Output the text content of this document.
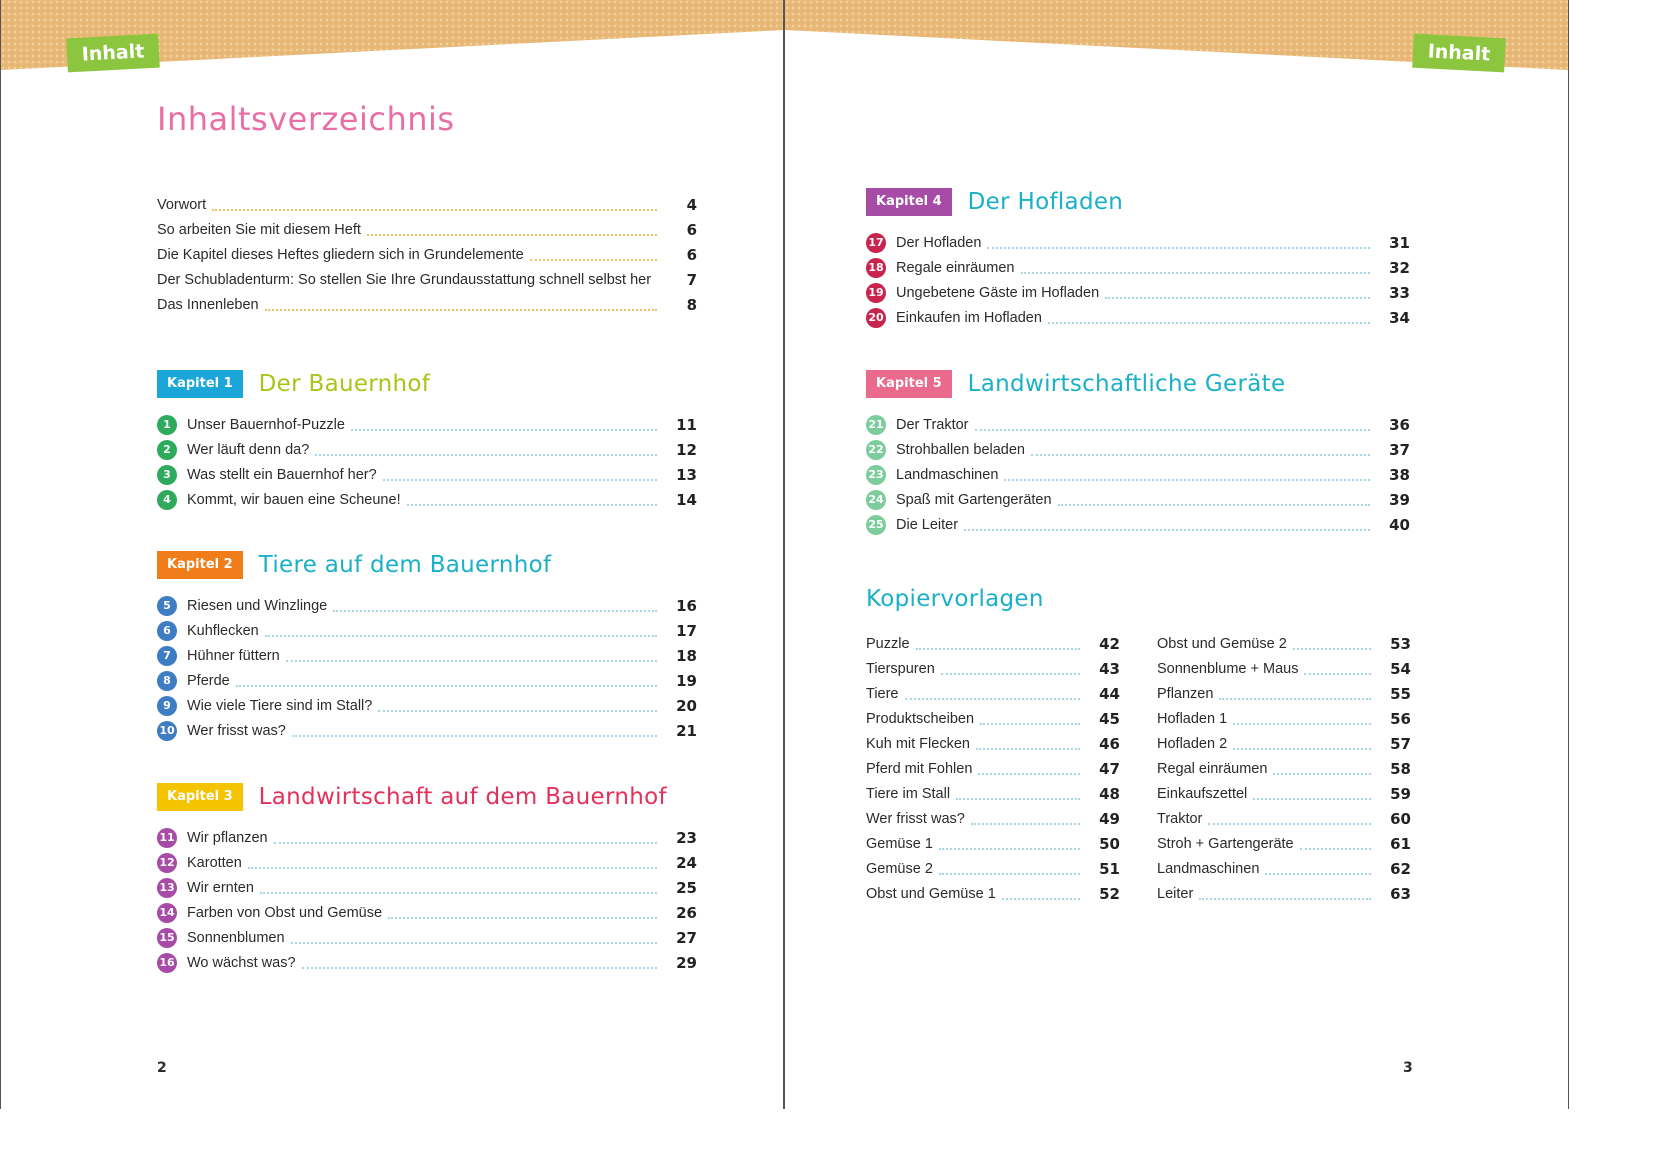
Inhalt
Inhaltsverzeichnis
Vorwort	4
So arbeiten Sie mit diesem Heft	6
Die Kapitel dieses Heftes gliedern sich in Grundelemente	6
Der Schubladenturm: So stellen Sie Ihre Grundausstattung schnell selbst her	7
Das Innenleben	8
Kapitel 1	Der Bauernhof
1	Unser Bauernhof-Puzzle	11
2	Wer läuft denn da?	12
3	Was stellt ein Bauernhof her?	13
4	Kommt, wir bauen eine Scheune!	14
Kapitel 2	Tiere auf dem Bauernhof
5	Riesen und Winzlinge	16
6	Kuhflecken	17
7	Hühner füttern	18
8	Pferde	19
9	Wie viele Tiere sind im Stall?	20
10 Wer frisst was?	21
Kapitel 3	Landwirtschaft auf dem Bauernhof
11 Wir pflanzen	23
12 Karotten	24
13 Wir ernten	25
14 Farben von Obst und Gemüse	26
15 Sonnenblumen	27
16 Wo wächst was?	29
2
Inhalt
Kapitel 4	Der Hofladen
17 Der Hofladen	31
18 Regale einräumen	32
19 Ungebetene Gäste im Hofladen	33
20 Einkaufen im Hofladen	34
Kapitel 5	Landwirtschaftliche Geräte
21 Der Traktor	36
22 Strohballen beladen	37
23 Landmaschinen	38
24 Spaß mit Gartengeräten	39
25 Die Leiter	40
Kopiervorlagen
Puzzle	42
Tierspuren	43
Tiere	44
Produktscheiben	45
Kuh mit Flecken	46
Pferd mit Fohlen	47
Tiere im Stall	48
Wer frisst was?	49
Gemüse 1	50
Gemüse 2	51
Obst und Gemüse 1	52
Obst und Gemüse 2	53
Sonnenblume + Maus	54
Pflanzen	55
Hofladen 1	56
Hofladen 2	57
Regal einräumen	58
Einkaufszettel	59
Traktor	60
Stroh + Gartengeräte	61
Landmaschinen	62
Leiter	63
3
